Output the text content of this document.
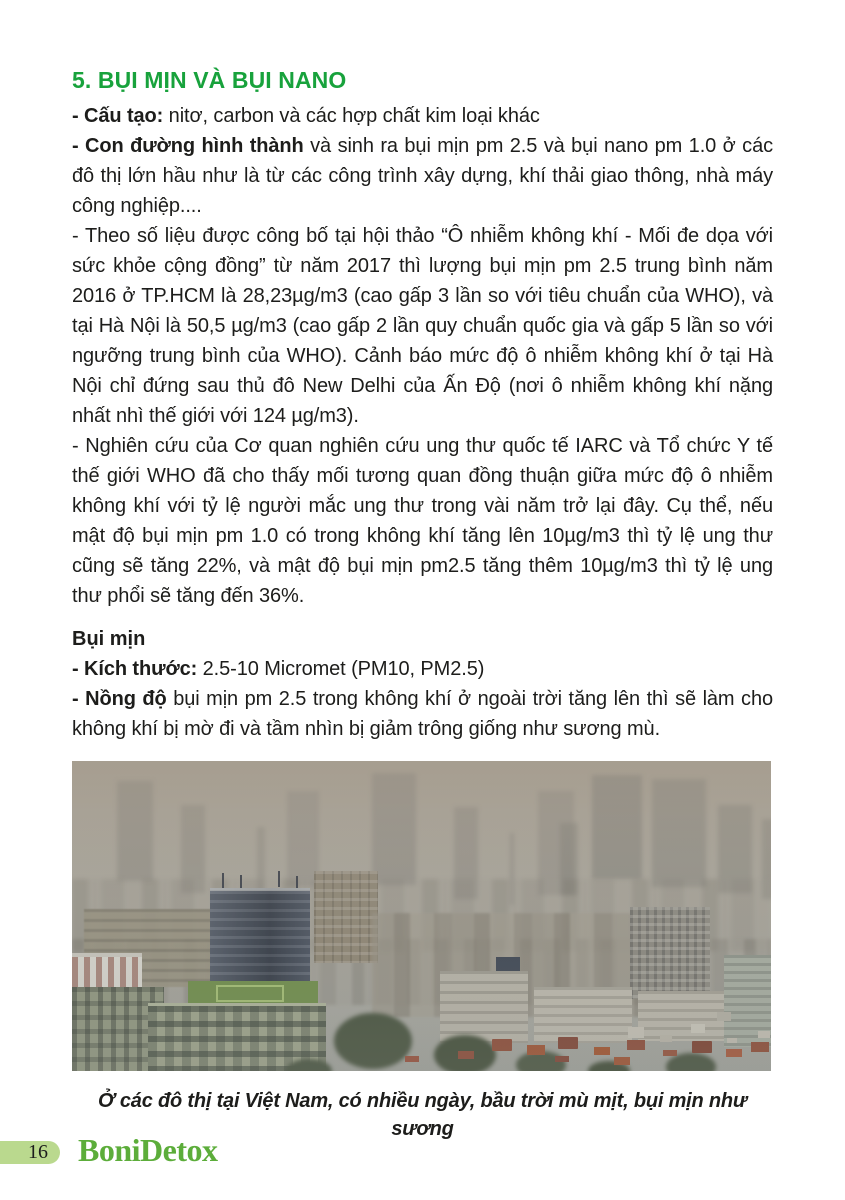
5. BỤI MỊN VÀ BỤI NANO

- Cấu tạo: nitơ, carbon và các hợp chất kim loại khác

- Con đường hình thành và sinh ra bụi mịn pm 2.5 và bụi nano pm 1.0 ở các đô thị lớn hầu như là từ các công trình xây dựng, khí thải giao thông, nhà máy công nghiệp....

- Theo số liệu được công bố tại hội thảo “Ô nhiễm không khí - Mối đe dọa với sức khỏe cộng đồng” từ năm 2017 thì lượng bụi mịn pm 2.5 trung bình năm 2016 ở TP.HCM là 28,23µg/m3 (cao gấp 3 lần so với tiêu chuẩn của WHO), và tại Hà Nội là 50,5 µg/m3 (cao gấp 2 lần quy chuẩn quốc gia và gấp 5 lần so với ngưỡng trung bình của WHO). Cảnh báo mức độ ô nhiễm không khí ở tại Hà Nội chỉ đứng sau thủ đô New Delhi của Ấn Độ (nơi ô nhiễm không khí nặng nhất nhì thế giới với 124 µg/m3).

- Nghiên cứu của Cơ quan nghiên cứu ung thư quốc tế IARC và Tổ chức Y tế thế giới WHO đã cho thấy mối tương quan đồng thuận giữa mức độ ô nhiễm không khí với tỷ lệ người mắc ung thư trong vài năm trở lại đây. Cụ thể, nếu mật độ bụi mịn pm 1.0 có trong không khí tăng lên 10µg/m3 thì tỷ lệ ung thư cũng sẽ tăng 22%, và mật độ bụi mịn pm2.5 tăng thêm 10µg/m3 thì tỷ lệ ung thư phổi sẽ tăng đến 36%.

Bụi mịn

- Kích thước: 2.5-10 Micromet (PM10, PM2.5)

- Nồng độ bụi mịn pm 2.5 trong không khí ở ngoài trời tăng lên thì sẽ làm cho không khí bị mờ đi và tầm nhìn bị giảm trông giống như sương mù.

Ở các đô thị tại Việt Nam, có nhiều ngày, bầu trời mù mịt, bụi mịn như sương

16 BoniDetox
